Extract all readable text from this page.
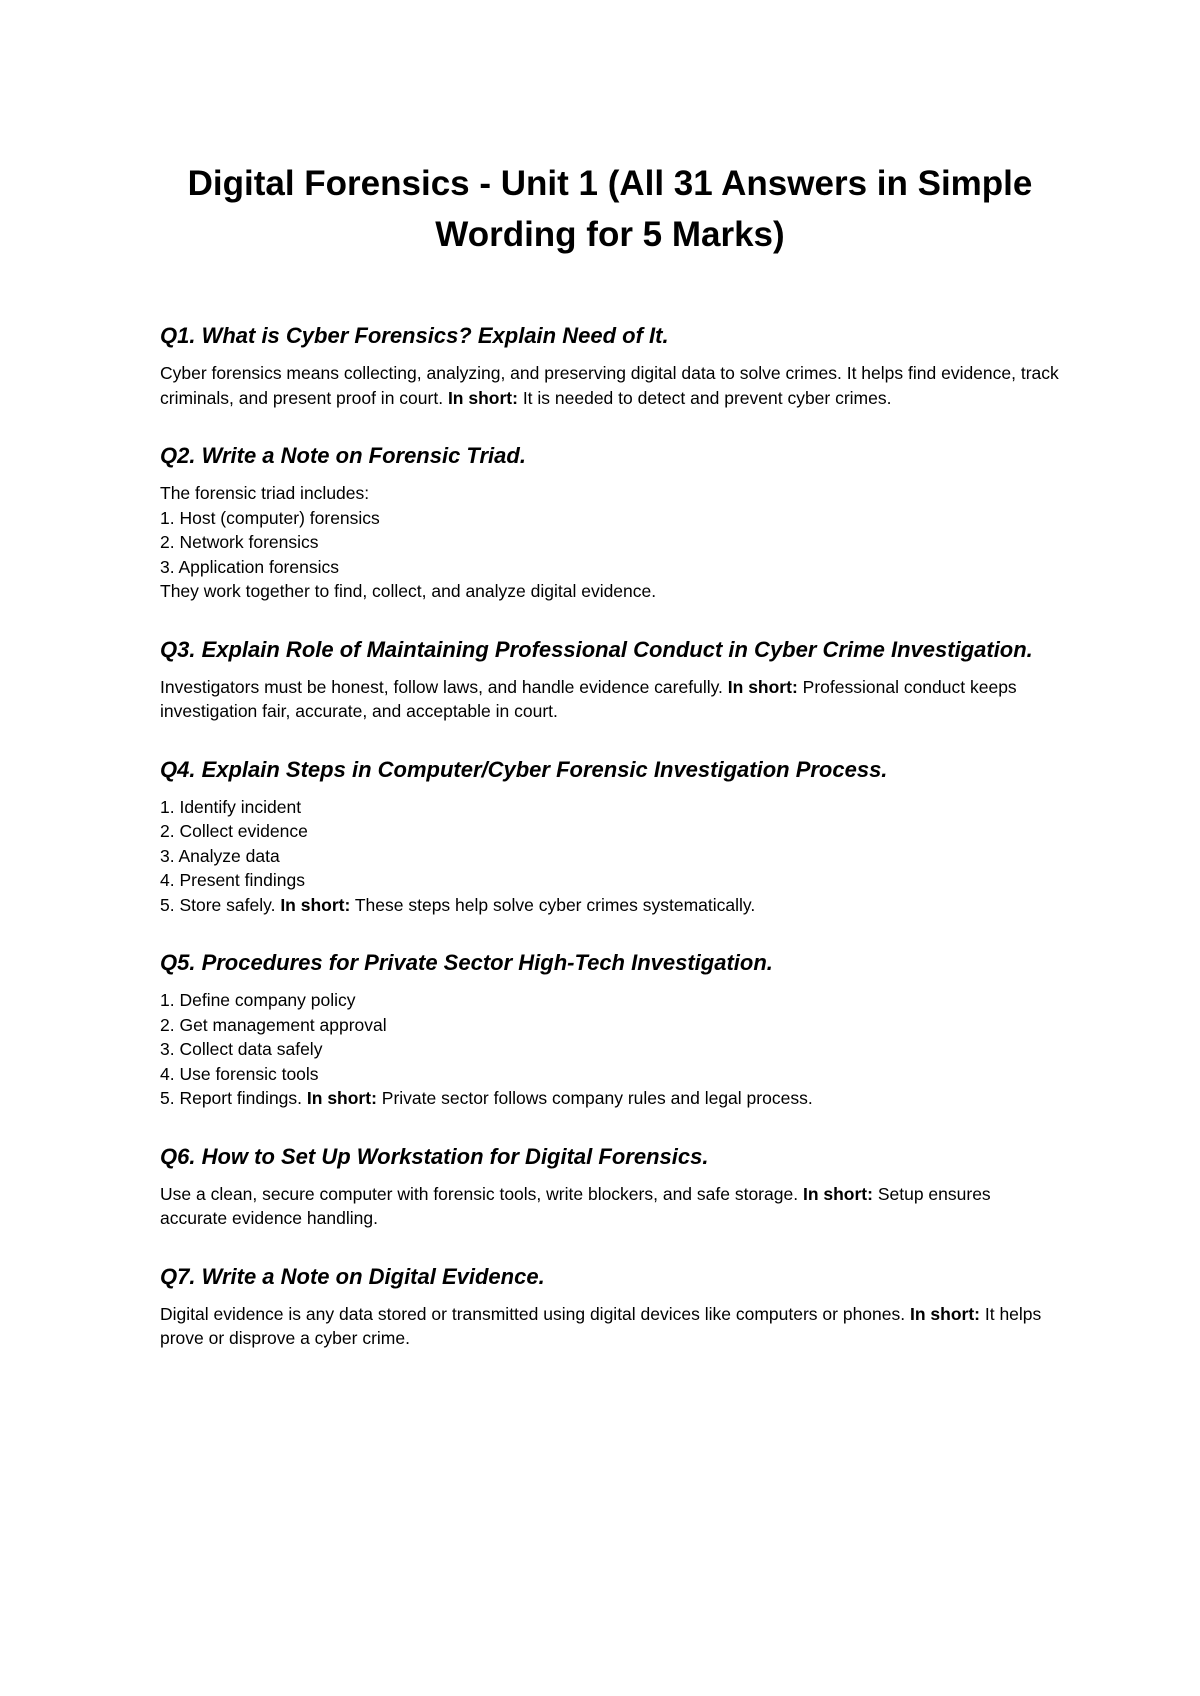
Digital Forensics - Unit 1 (All 31 Answers in Simple Wording for 5 Marks)
Q1. What is Cyber Forensics? Explain Need of It.

Cyber forensics means collecting, analyzing, and preserving digital data to solve crimes. It helps find evidence, track criminals, and present proof in court. In short: It is needed to detect and prevent cyber crimes.

Q2. Write a Note on Forensic Triad.

The forensic triad includes:
1. Host (computer) forensics
2. Network forensics
3. Application forensics
They work together to find, collect, and analyze digital evidence.

Q3. Explain Role of Maintaining Professional Conduct in Cyber Crime Investigation.

Investigators must be honest, follow laws, and handle evidence carefully. In short: Professional conduct keeps investigation fair, accurate, and acceptable in court.

Q4. Explain Steps in Computer/Cyber Forensic Investigation Process.

1. Identify incident
2. Collect evidence
3. Analyze data
4. Present findings
5. Store safely. In short: These steps help solve cyber crimes systematically.

Q5. Procedures for Private Sector High-Tech Investigation.

1. Define company policy
2. Get management approval
3. Collect data safely
4. Use forensic tools
5. Report findings. In short: Private sector follows company rules and legal process.

Q6. How to Set Up Workstation for Digital Forensics.

Use a clean, secure computer with forensic tools, write blockers, and safe storage. In short: Setup ensures accurate evidence handling.

Q7. Write a Note on Digital Evidence.

Digital evidence is any data stored or transmitted using digital devices like computers or phones. In short: It helps prove or disprove a cyber crime.
